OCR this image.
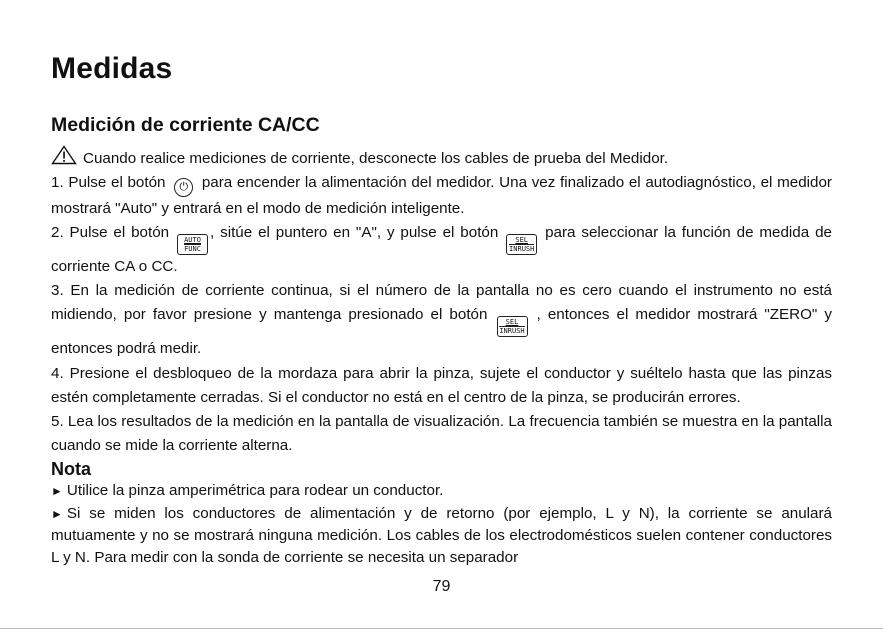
Medidas
Medición de corriente CA/CC
Cuando realice mediciones de corriente, desconecte los cables de prueba del Medidor.
1. Pulse el botón ⏻ para encender la alimentación del medidor. Una vez finalizado el autodiagnóstico, el medidor mostrará "Auto" y entrará en el modo de medición inteligente.
2. Pulse el botón AUTO
FUNC
, sitúe el puntero en "A", y pulse el botón SEL
INRUSH
para seleccionar la función de medida de corriente CA o CC.
3. En la medición de corriente continua, si el número de la pantalla no es cero cuando el instrumento no está midiendo, por favor presione y mantenga presionado el botón	SEL
INRUSH
, entonces el medidor mostrará "ZERO" y entonces podrá medir.
4. Presione el desbloqueo de la mordaza para abrir la pinza, sujete el conductor y suéltelo hasta que las pinzas estén completamente cerradas. Si el conductor no está en el centro de la pinza, se producirán errores.
5. Lea los resultados de la medición en la pantalla de visualización. La frecuencia también se muestra en la pantalla cuando se mide la corriente alterna.
Nota
► Utilice la pinza amperimétrica para rodear un conductor.
► Si se miden los conductores de alimentación y de retorno (por ejemplo, L y N), la corriente se anulará mutuamente y no se mostrará ninguna medición. Los cables de los electrodomésticos suelen contener conductores L y N. Para medir con la sonda de corriente se necesita un separador
79
